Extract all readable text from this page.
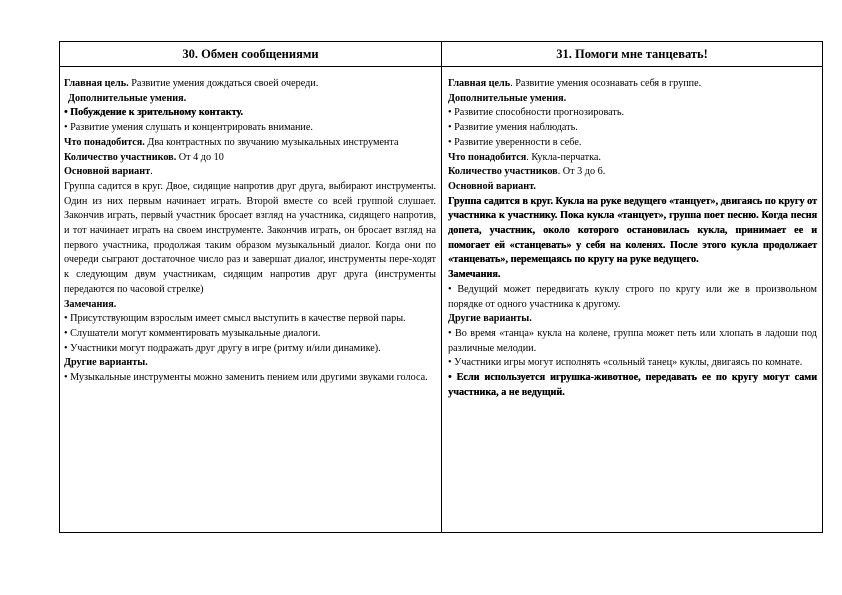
30. Обмен сообщениями

Главная цель. Развитие умения дождаться своей очереди.

Дополнительные умения.

• Побуждение к зрительному контакту.

• Развитие умения слушать и концентрировать внимание.

Что понадобится. Два контрастных по звучанию музыкальных инструмента

Количество участников. От 4 до 10

Основной вариант.

Группа садится в круг. Двое, сидящие напротив друг друга, выбирают инструменты. Один из них первым начинает играть. Второй вместе со всей группой слушает. Закончив играть, первый участник бросает взгляд на участника, сидящего напротив, и тот начинает играть на своем инструменте. Закончив играть, он бросает взгляд на первого участника, продолжая таким образом музыкальный диалог. Когда они по очереди сыграют достаточное число раз и завершат диалог, инструменты пере-ходят к следующим двум участникам, сидящим напротив друг друга (инструменты передаются по часовой стрелке)

Замечания.

• Присутствующим взрослым имеет смысл выступить в качестве первой пары.

• Слушатели могут комментировать музыкальные диалоги.

• Участники могут подражать друг другу в игре (ритму и/или динамике).

Другие варианты.

• Музыкальные инструменты можно заменить пением или другими звуками голоса.

31. Помоги мне танцевать!

Главная цель. Развитие умения осознавать себя в группе.

Дополнительные умения.

• Развитие способности прогнозировать.

• Развитие умения наблюдать.

• Развитие уверенности в себе.

Что понадобится. Кукла-перчатка.

Количество участников. От 3 до 6.

Основной вариант.

Группа садится в круг. Кукла на руке ведущего «танцует», двигаясь по кругу от участника к участнику. Пока кукла «танцует», группа поет песню. Когда песня допета, участник, около которого остановилась кукла, принимает ее и помогает ей «станцевать» у себя на коленях. После этого кукла продолжает «танцевать», перемещаясь по кругу на руке ведущего.

Замечания.

• Ведущий может передвигать куклу строго по кругу или же в произвольном порядке от одного участника к другому.

Другие варианты.

• Во время «танца» кукла на колене, группа может петь или хлопать в ладоши под различные мелодии.

• Участники игры могут исполнять «сольный танец» куклы, двигаясь по комнате.

• Если используется игрушка-животное, передавать ее по кругу могут сами участника, а не ведущий.
